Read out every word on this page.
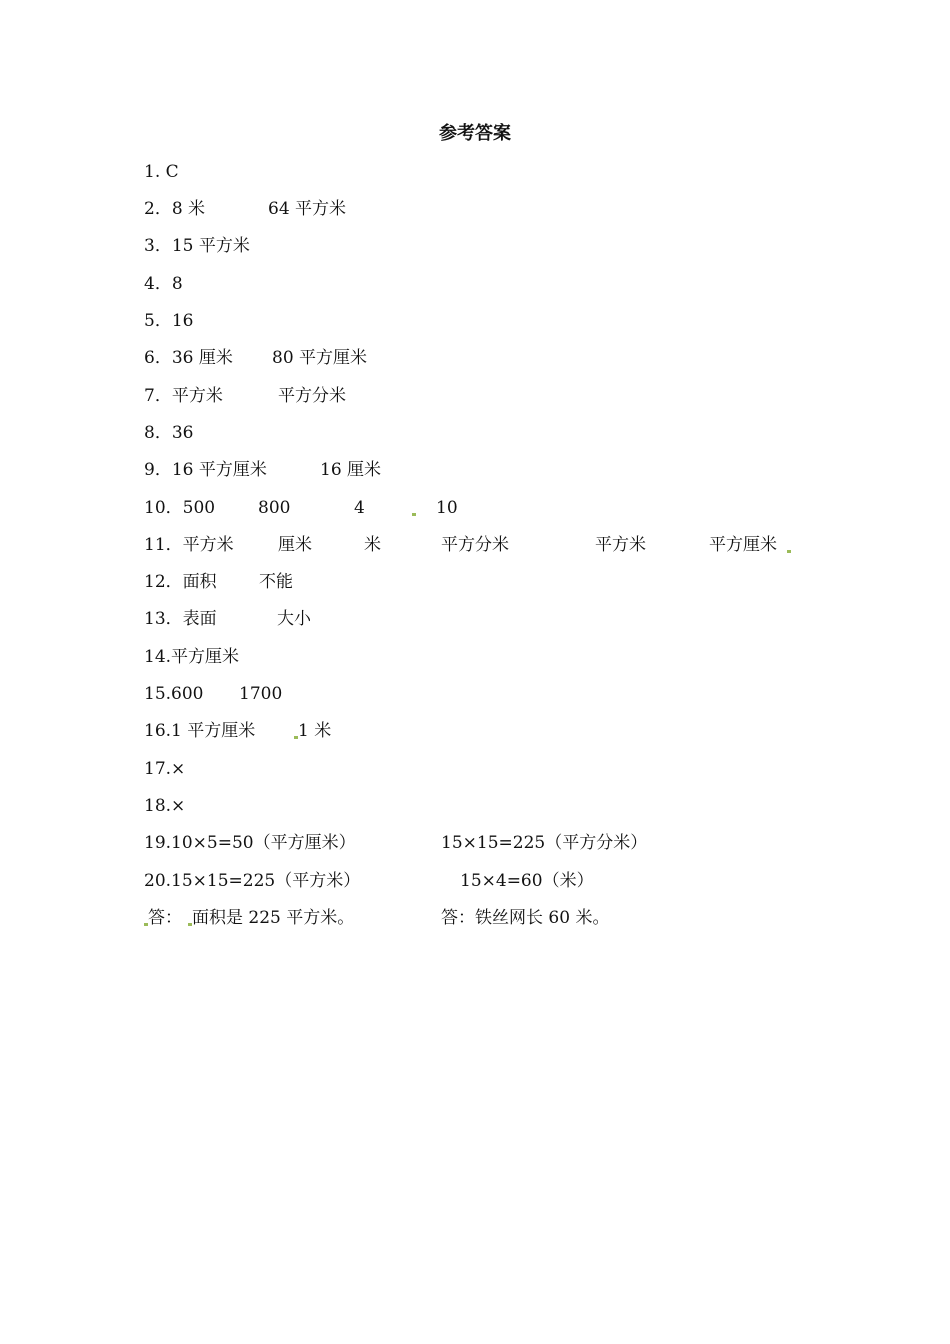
参考答案
1. C
2．8 米	64 平方米
3．15 平方米
4．8
5．16
6．36 厘米 80 平方厘米
7．平方米	平方分米
8．36
9．16 平方厘米	16 厘米
10．500	800	4	10
11．平方米	厘米	米	平方分米	平方米	平方厘米
12．面积 不能
13．表面	大小
14.平方厘米
15.600 1700
16.1 平方厘米	1 米
17.×
18.×
19.10×5=50（平方厘米）	15×15=225（平方分米）
20.15×15=225（平方米）	15×4=60（米）
答： 面积是 225 平方米。	答：铁丝网长 60 米。
